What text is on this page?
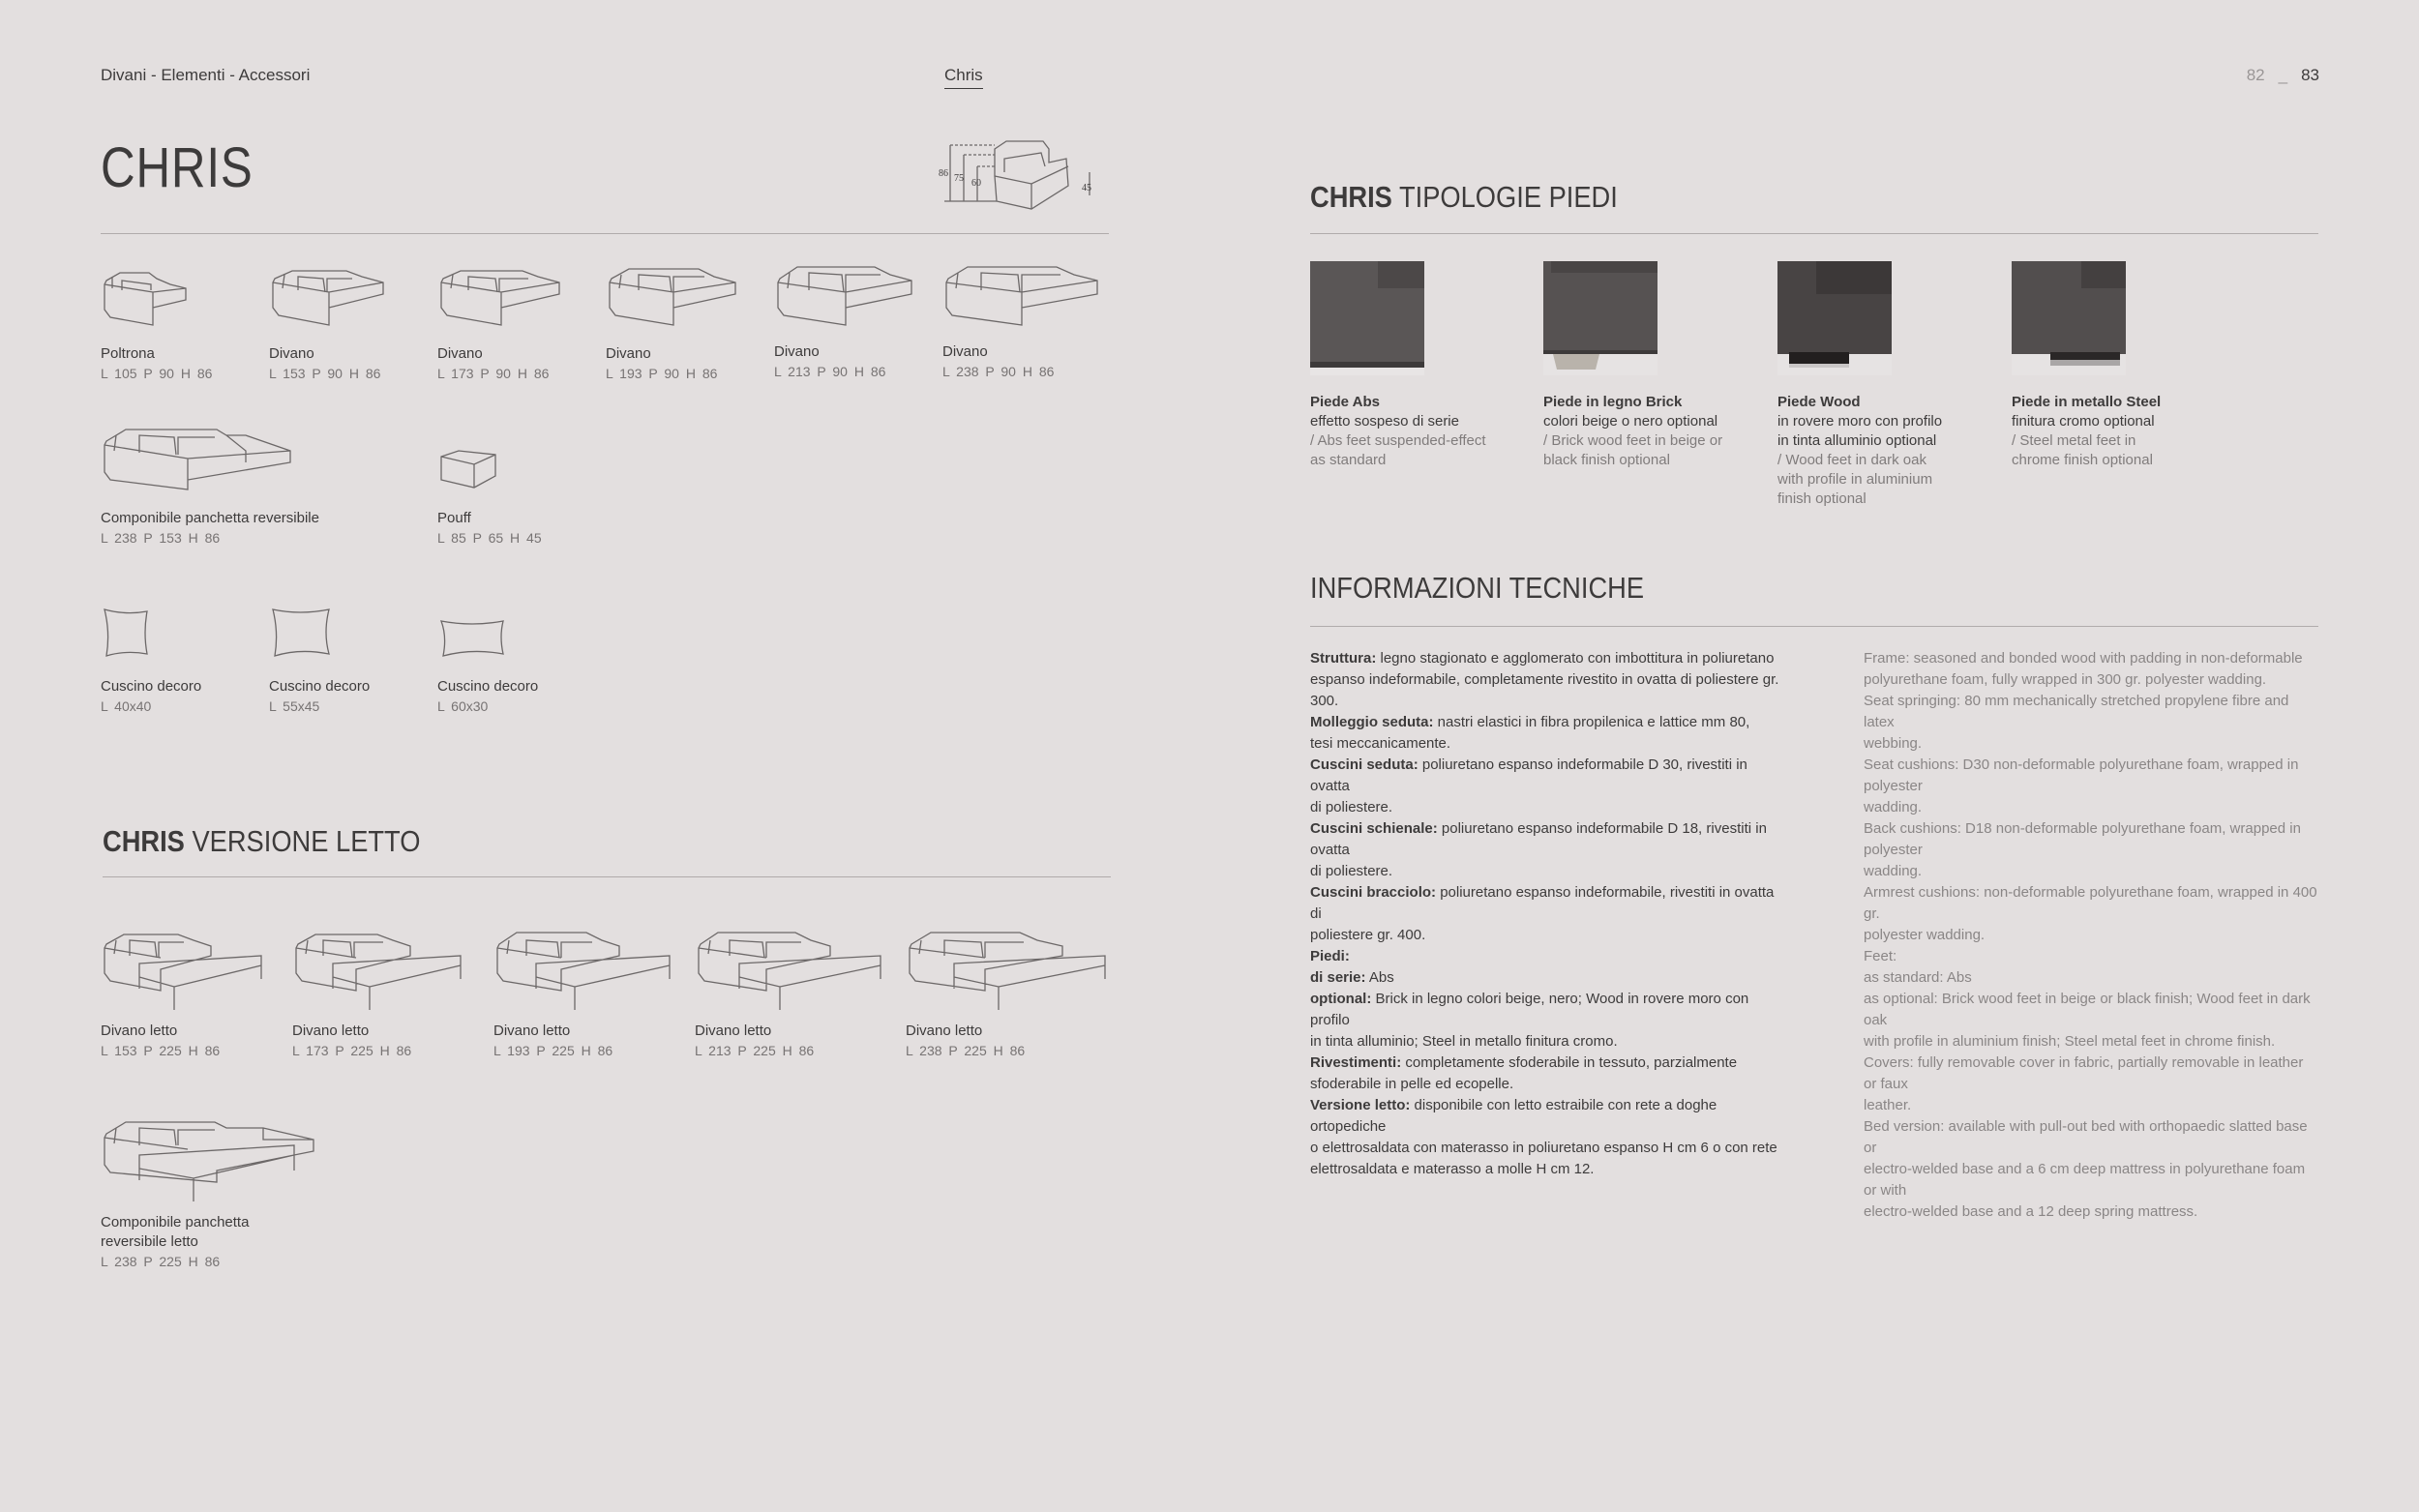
Divani - Elementi - Accessori	Chris	82 _ 83
CHRIS	86 75 60	45
Poltrona
L 105 P 90 H 86
Divano
L 153 P 90 H 86
Divano
L 173 P 90 H 86
Divano
L 193 P 90 H 86
Divano
L 213 P 90 H 86
Divano
L 238 P 90 H 86
Componibile panchetta reversibile
L 238 P 153 H 86
Pouff
L 85 P 65 H 45
Cuscino decoro
L 40x40
Cuscino decoro
L 55x45
Cuscino decoro
L 60x30
CHRIS VERSIONE LETTO
Divano letto
L 153 P 225 H 86
Divano letto
L 173 P 225 H 86
Divano letto
L 193 P 225 H 86
Divano letto
L 213 P 225 H 86
Divano letto
L 238 P 225 H 86
Componibile panchetta
reversibile letto
L 238 P 225 H 86
CHRIS TIPOLOGIE PIEDI
Piede Abs
effetto sospeso di serie
/ Abs feet suspended-effect
as standard
Piede in legno Brick
colori beige o nero optional
/ Brick wood feet in beige or
black finish optional
Piede Wood
in rovere moro con profilo
in tinta alluminio optional
/ Wood feet in dark oak
with profile in aluminium
finish optional
Piede in metallo Steel
finitura cromo optional
/ Steel metal feet in
chrome finish optional
INFORMAZIONI TECNICHE
Struttura: legno stagionato e agglomerato con imbottitura in poliuretano
espanso indeformabile, completamente rivestito in ovatta di poliestere gr. 300.
Molleggio seduta: nastri elastici in fibra propilenica e lattice mm 80,
tesi meccanicamente.
Cuscini seduta: poliuretano espanso indeformabile D 30, rivestiti in ovatta
di poliestere.
Cuscini schienale: poliuretano espanso indeformabile D 18, rivestiti in ovatta
di poliestere.
Cuscini bracciolo: poliuretano espanso indeformabile, rivestiti in ovatta di
poliestere gr. 400.
Piedi:
di serie: Abs
optional: Brick in legno colori beige, nero; Wood in rovere moro con profilo
in tinta alluminio; Steel in metallo finitura cromo.
Rivestimenti: completamente sfoderabile in tessuto, parzialmente
sfoderabile in pelle ed ecopelle.
Versione letto: disponibile con letto estraibile con rete a doghe ortopediche
o elettrosaldata con materasso in poliuretano espanso H cm 6 o con rete
elettrosaldata e materasso a molle H cm 12.
Frame: seasoned and bonded wood with padding in non-deformable
polyurethane foam, fully wrapped in 300 gr. polyester wadding.
Seat springing: 80 mm mechanically stretched propylene fibre and latex
webbing.
Seat cushions: D30 non-deformable polyurethane foam, wrapped in polyester
wadding.
Back cushions: D18 non-deformable polyurethane foam, wrapped in polyester
wadding.
Armrest cushions: non-deformable polyurethane foam, wrapped in 400 gr.
polyester wadding.
Feet:
as standard: Abs
as optional: Brick wood feet in beige or black finish; Wood feet in dark oak
with profile in aluminium finish; Steel metal feet in chrome finish.
Covers: fully removable cover in fabric, partially removable in leather or faux
leather.
Bed version: available with pull-out bed with orthopaedic slatted base or
electro-welded base and a 6 cm deep mattress in polyurethane foam or with
electro-welded base and a 12 deep spring mattress.
